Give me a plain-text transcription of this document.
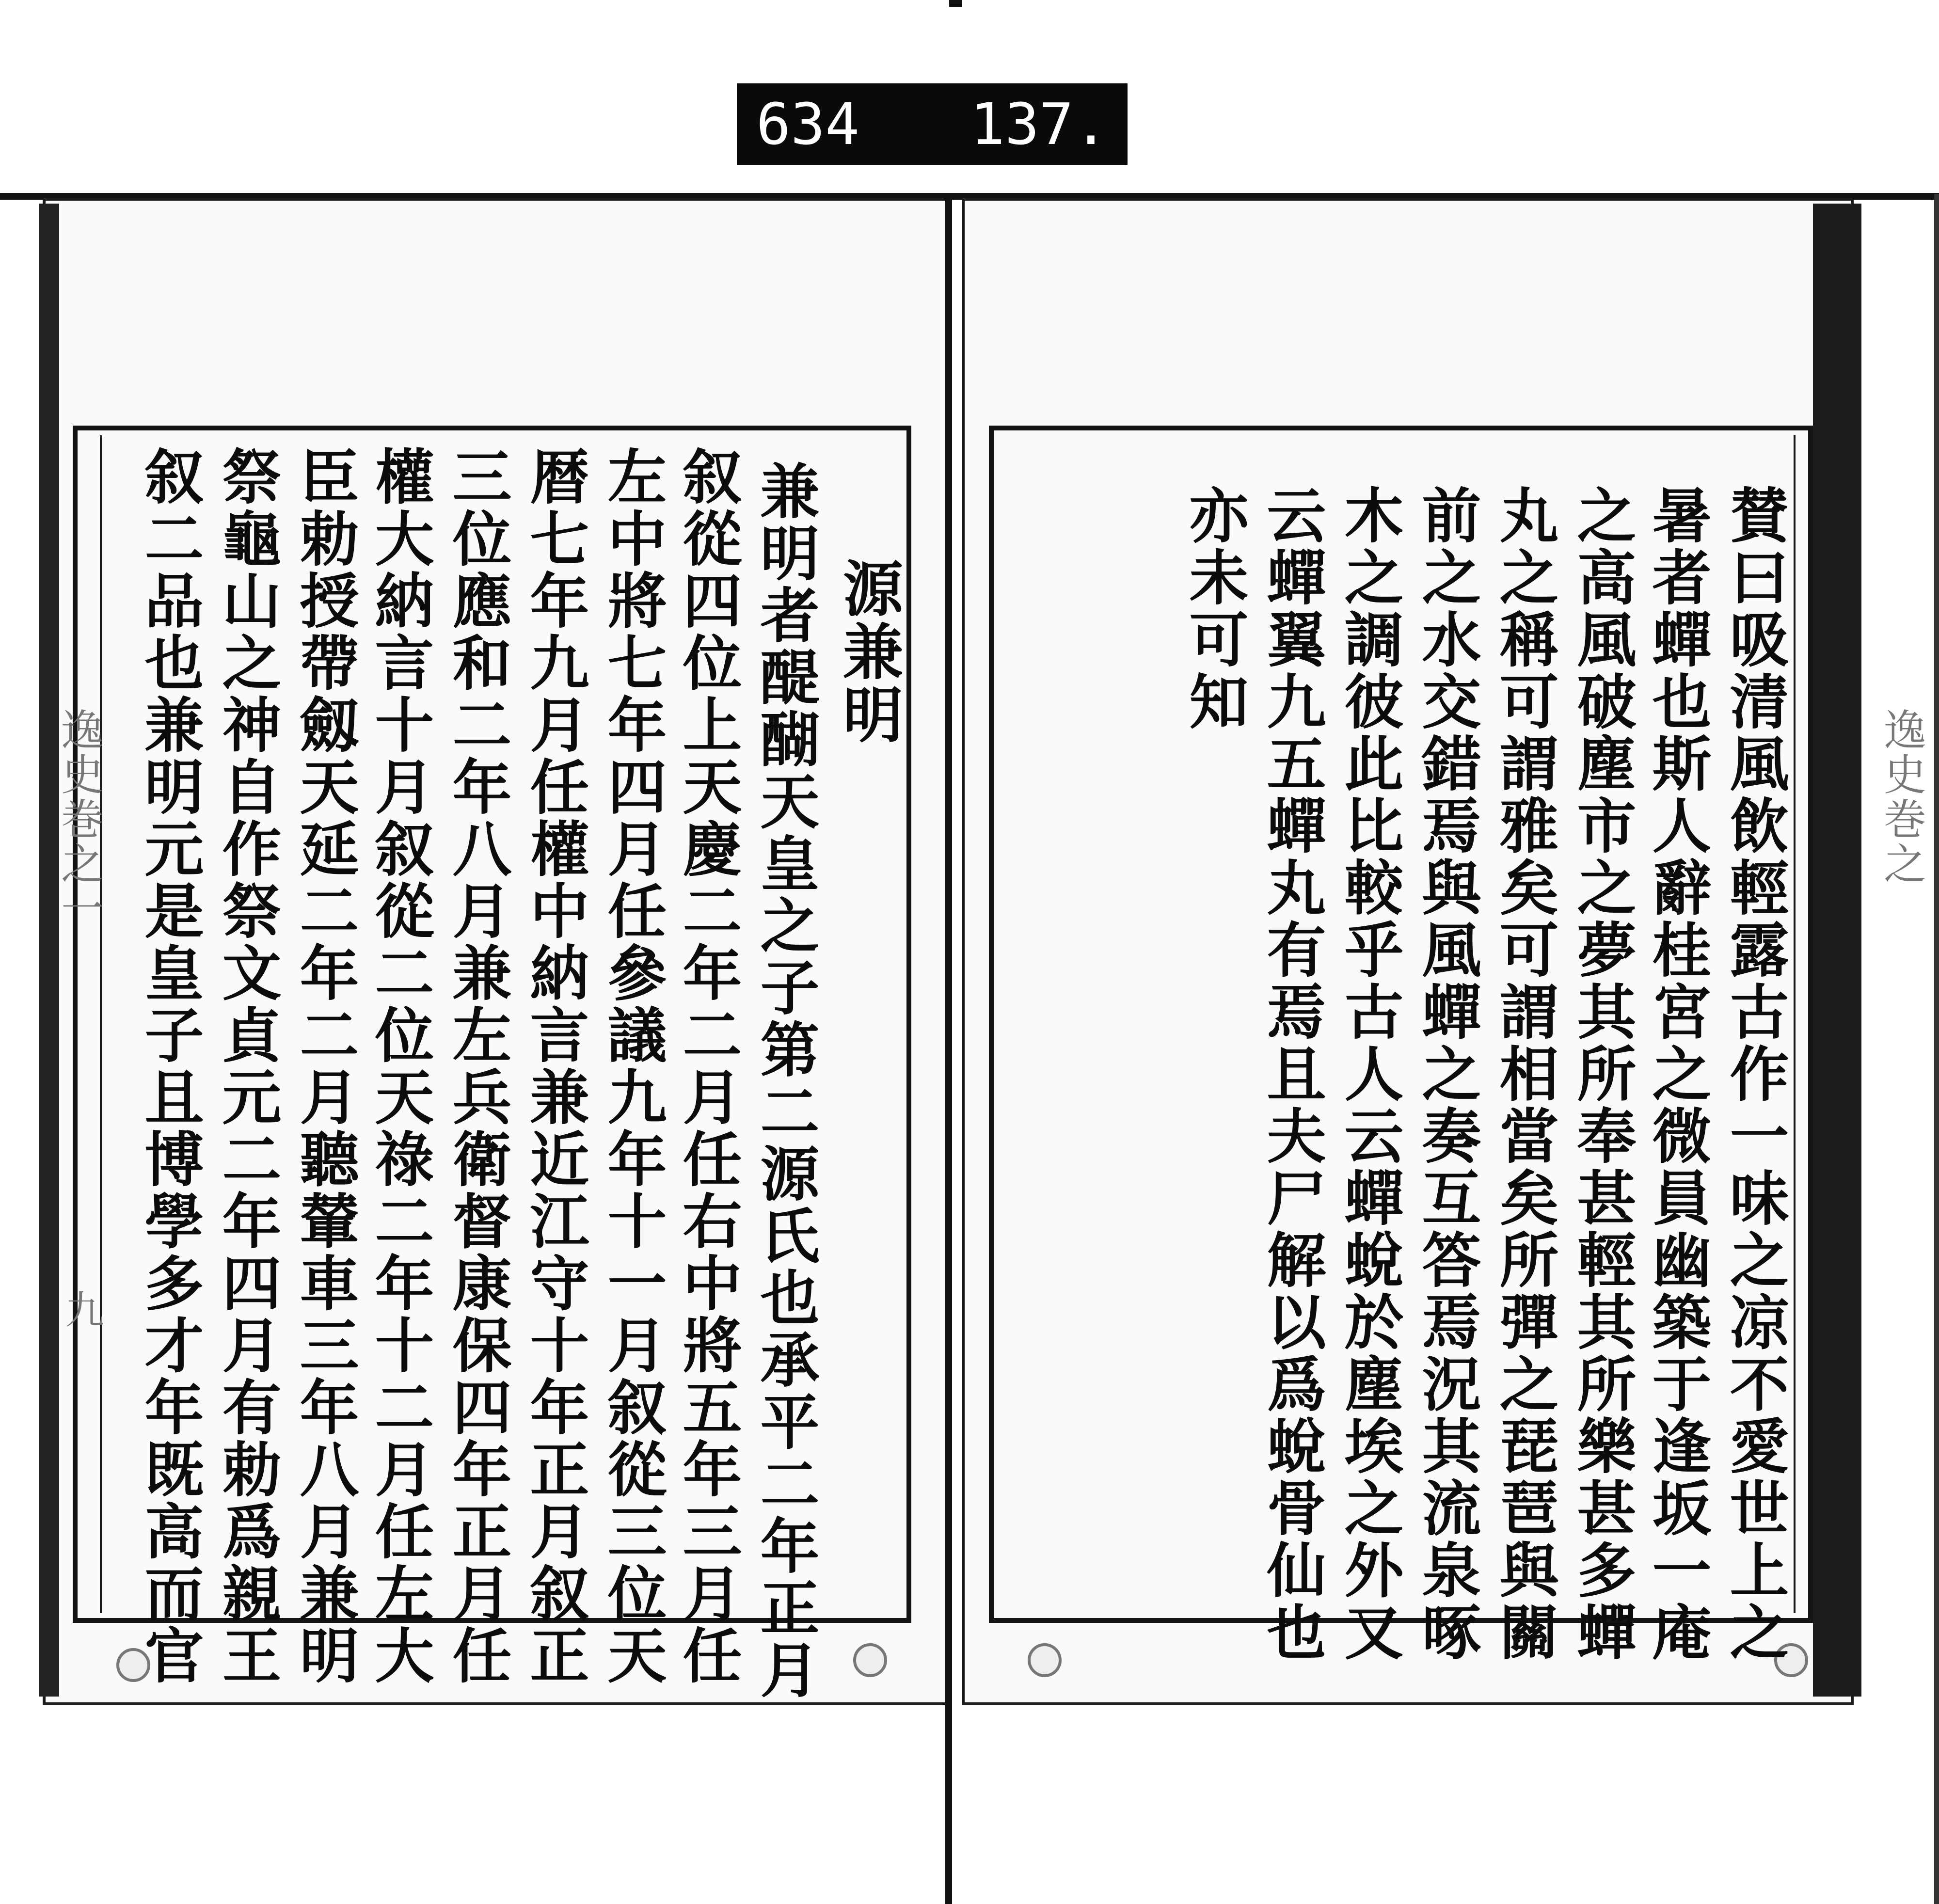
634 137.
逸史巻之一
九
源兼明
兼明者醍醐天皇之子第二源氏也承平二年正月
叙從四位上天慶二年二月任右中將五年三月任
左中將七年四月任參議九年十一月叙從三位天
暦七年九月任權中納言兼近江守十年正月叙正
三位應和二年八月兼左兵衛督康保四年正月任
權大納言十月叙從二位天祿二年十二月任左大
臣勅授帶劔天延二年二月聽輦車三年八月兼明
祭龜山之神自作祭文貞元二年四月有勅爲親王
叙二品也兼明元是皇子且博學多才年既高而官	逸史巻之
賛曰吸清風飲輕露古作一味之凉不愛世上之
暑者蟬也斯人辭桂宮之微員幽築于逢坂一庵
之高風破塵市之夢其所奉甚輕其所樂甚多蟬
丸之稱可謂雅矣可謂相當矣所彈之琵琶與關
前之水交錯焉與風蟬之奏互答焉況其流泉啄
木之調彼此比較乎古人云蟬蛻於塵埃之外又
云蟬翼九五蟬丸有焉且夫尸解以爲蛻骨仙也
亦未可知
